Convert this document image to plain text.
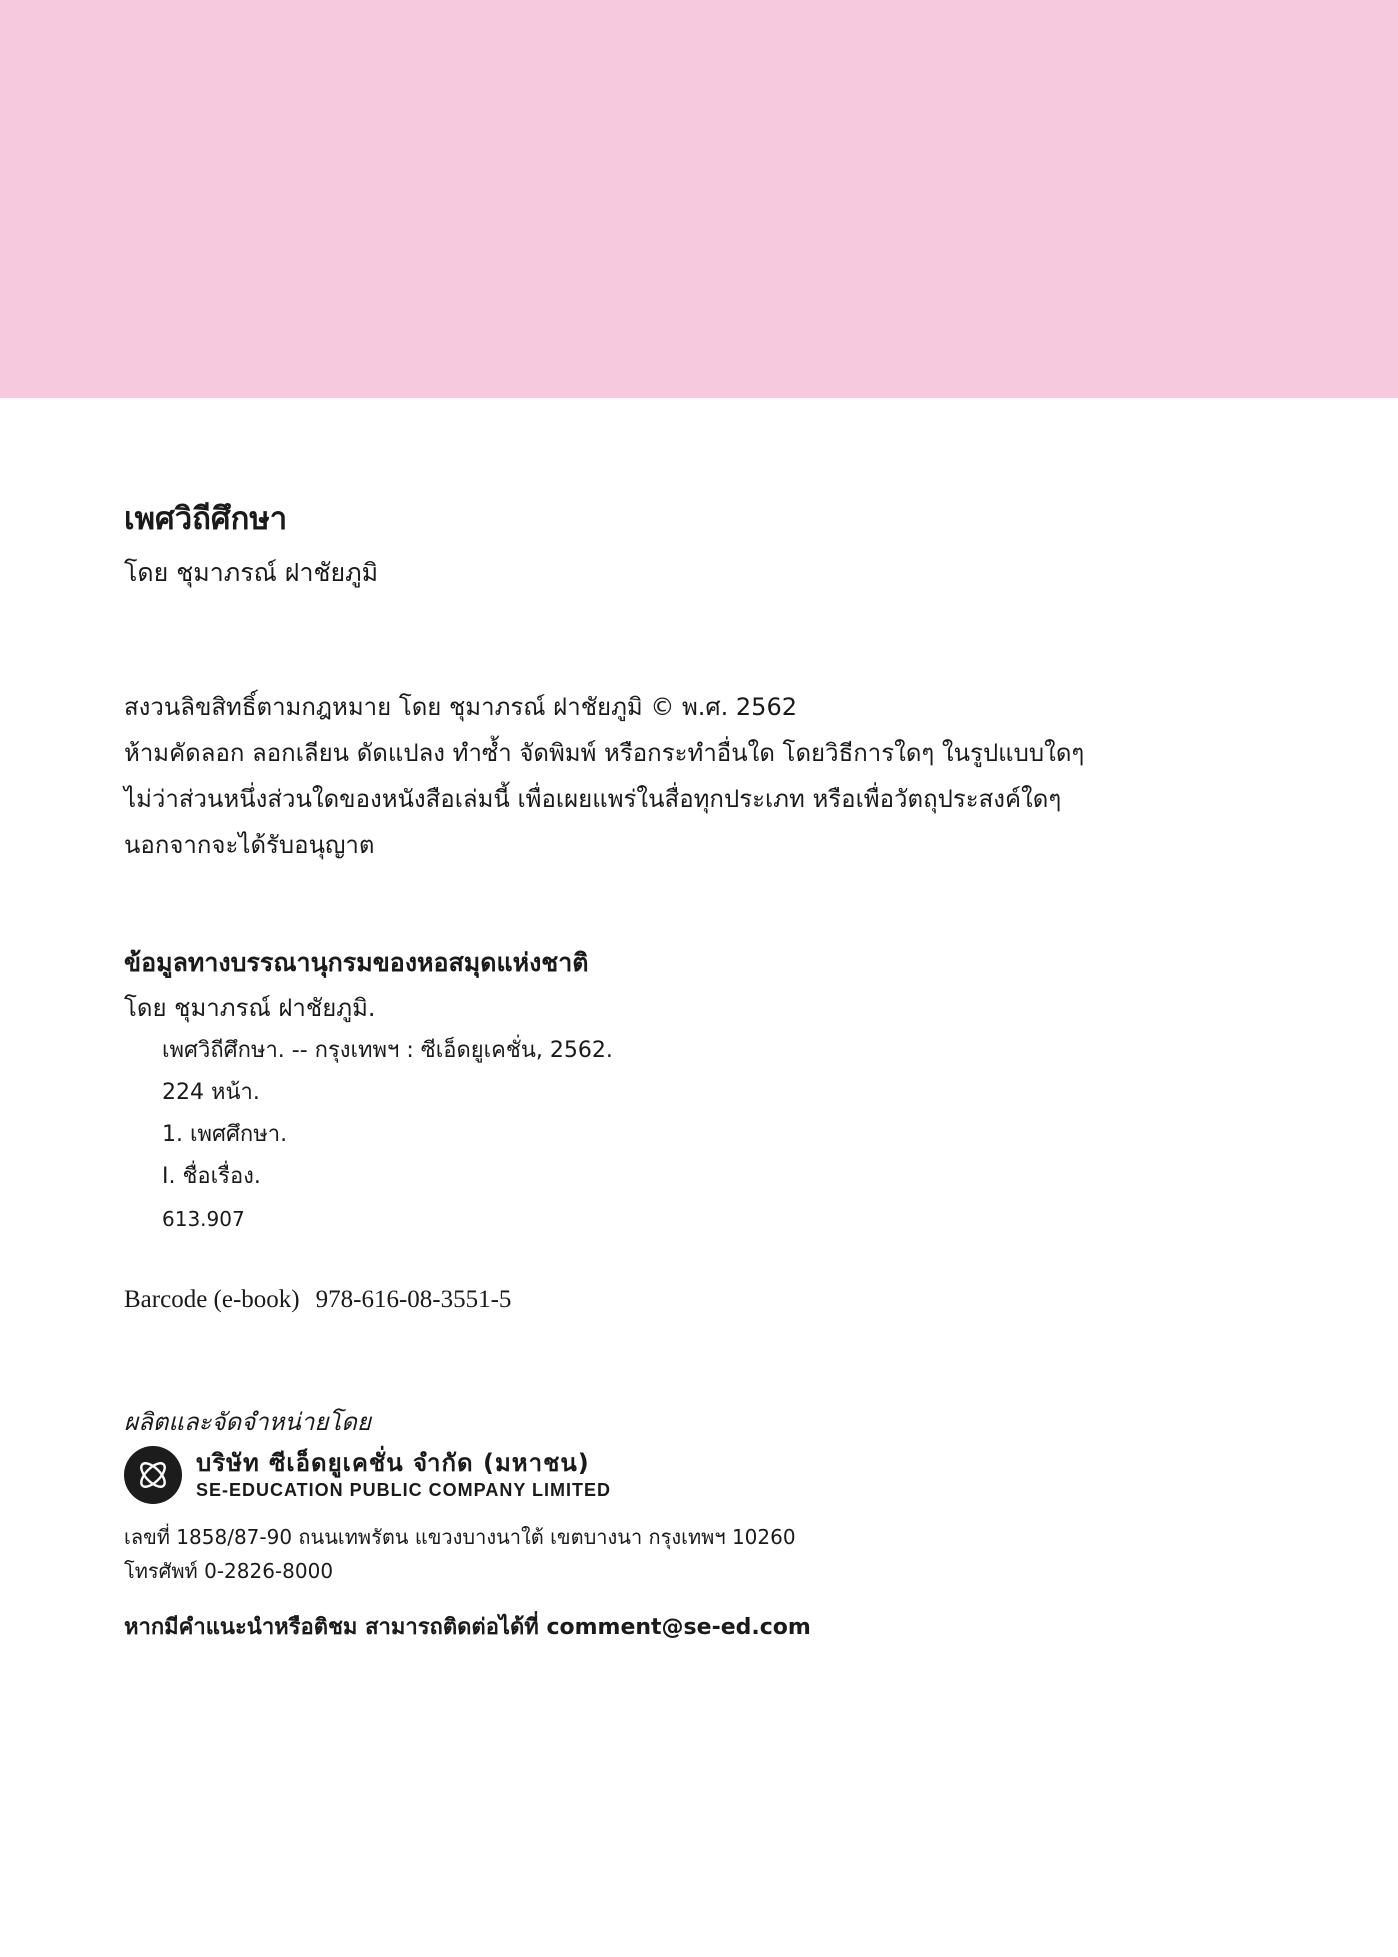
เพศวิถีศึกษา

โดย ชุมาภรณ์ ฝาชัยภูมิ

สงวนลิขสิทธิ์ตามกฎหมาย โดย ชุมาภรณ์ ฝาชัยภูมิ © พ.ศ. 2562

ห้ามคัดลอก ลอกเลียน ดัดแปลง ทำซ้ำ จัดพิมพ์ หรือกระทำอื่นใด โดยวิธีการใดๆ ในรูปแบบใดๆ

ไม่ว่าส่วนหนึ่งส่วนใดของหนังสือเล่มนี้ เพื่อเผยแพร่ในสื่อทุกประเภท หรือเพื่อวัตถุประสงค์ใดๆ

นอกจากจะได้รับอนุญาต

ข้อมูลทางบรรณานุกรมของหอสมุดแห่งชาติ

โดย ชุมาภรณ์ ฝาชัยภูมิ.

เพศวิถีศึกษา. -- กรุงเทพฯ : ซีเอ็ดยูเคชั่น, 2562.

224 หน้า.

1. เพศศึกษา.

I. ชื่อเรื่อง.

613.907

Barcode (e-book) 978-616-08-3551-5

ผลิตและจัดจำหน่ายโดย

บริษัท ซีเอ็ดยูเคชั่น จำกัด (มหาชน)
SE-EDUCATION PUBLIC COMPANY LIMITED

เลขที่ 1858/87-90 ถนนเทพรัตน แขวงบางนาใต้ เขตบางนา กรุงเทพฯ 10260

โทรศัพท์ 0-2826-8000

หากมีคำแนะนำหรือติชม สามารถติดต่อได้ที่ comment@se-ed.com
